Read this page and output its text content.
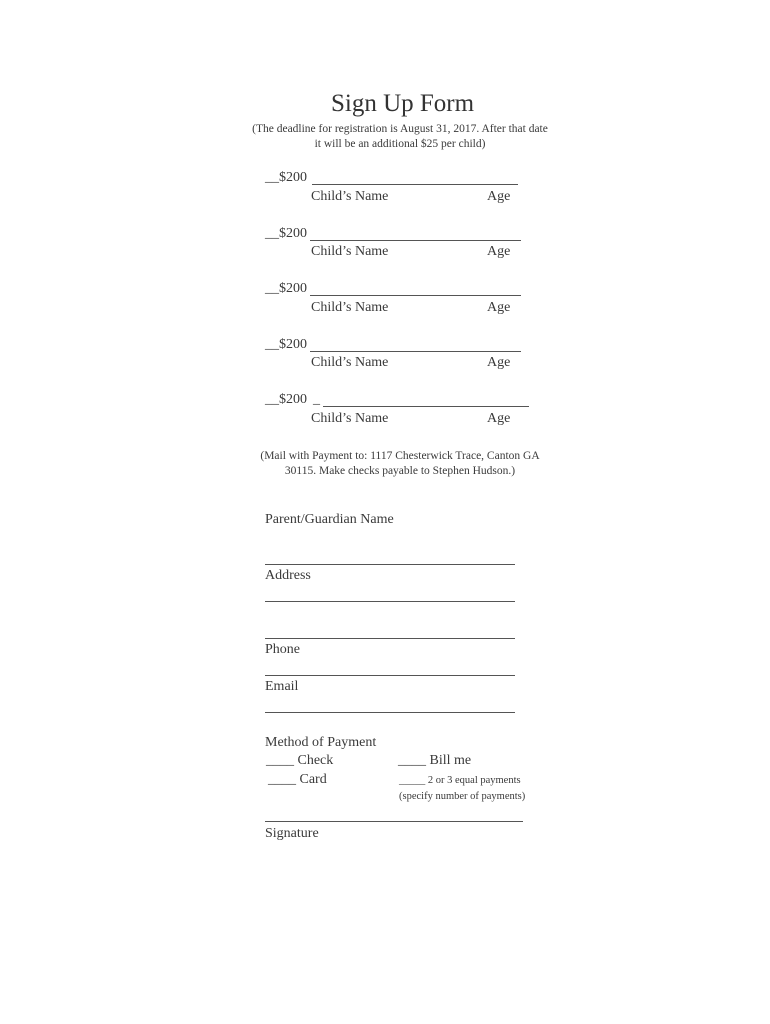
Sign Up Form
(The deadline for registration is August 31, 2017. After that date it will be an additional $25 per child)
__$200
Child’s Name	Age
__$200
Child’s Name	Age
__$200
Child’s Name	Age
__$200
Child’s Name	Age
__$200 _
Child’s Name	Age
(Mail with Payment to: 1117 Chesterwick Trace, Canton GA 30115. Make checks payable to Stephen Hudson.)
Parent/Guardian Name
Address
Phone
Email
Method of Payment
____ Check	____ Bill me
____ Card	_____ 2 or 3 equal payments
(specify number of payments)
Signature
